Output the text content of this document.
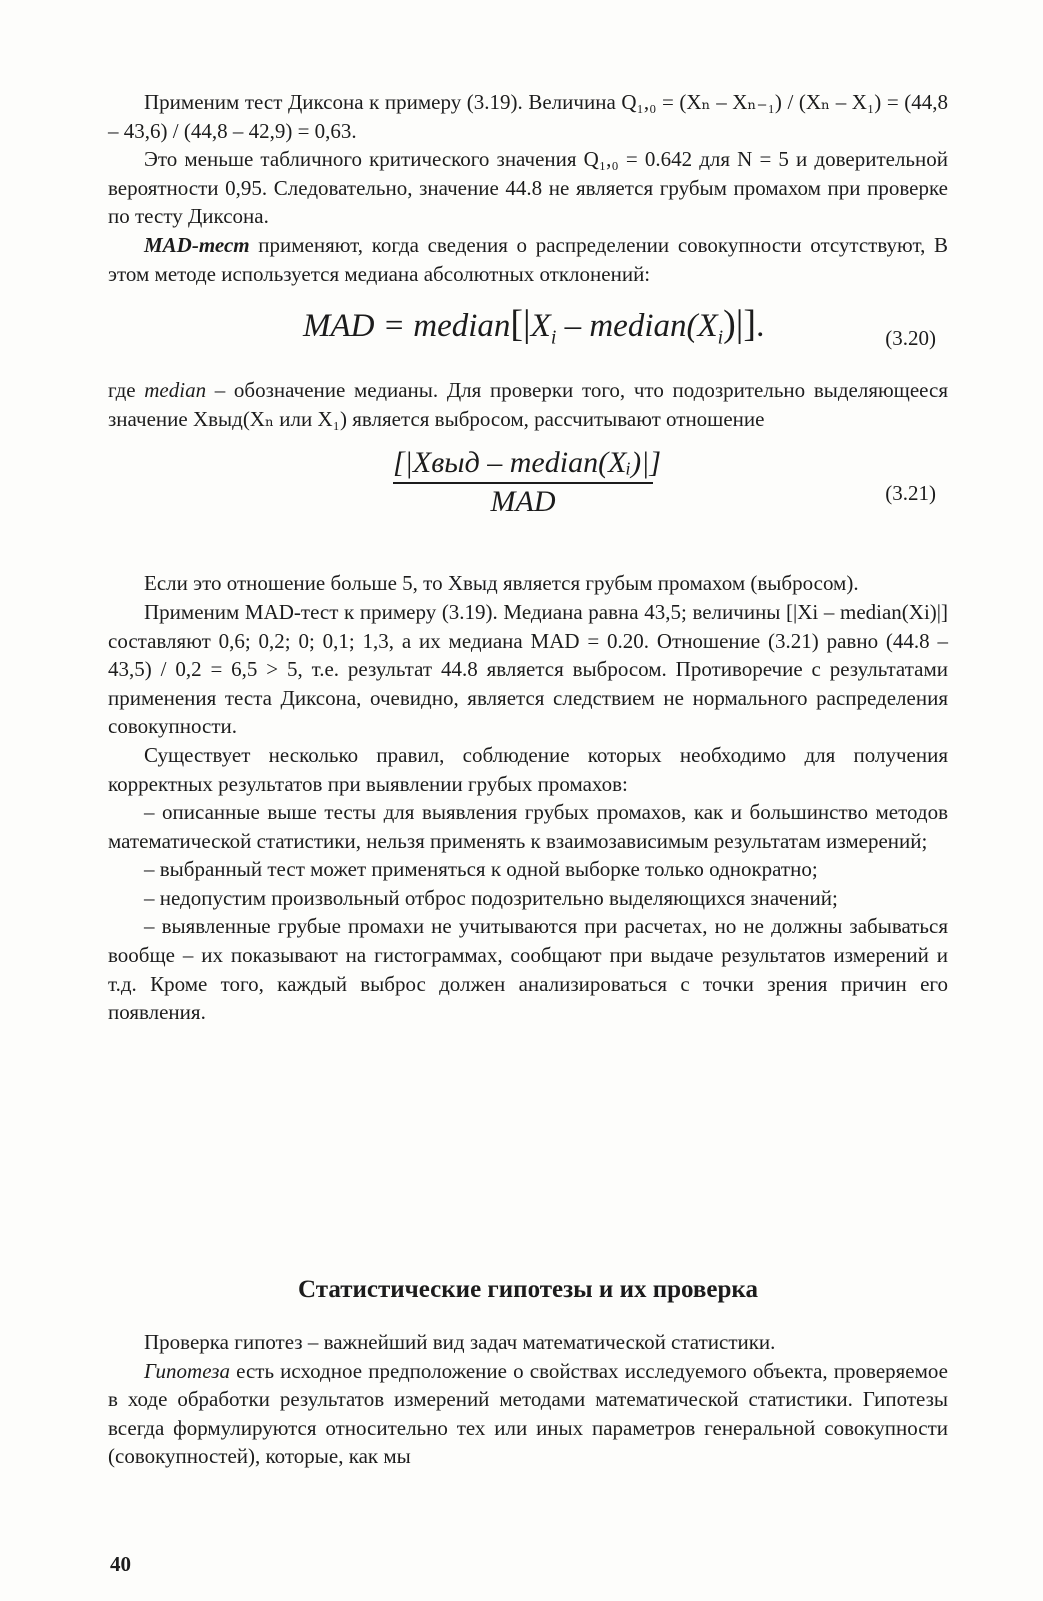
Применим тест Диксона к примеру (3.19). Величина Q₁,₀ = (Xₙ – Xₙ₋₁) / (Xₙ – X₁) = (44,8 – 43,6) / (44,8 – 42,9) = 0,63.

Это меньше табличного критического значения Q₁,₀ = 0.642 для N = 5 и доверительной вероятности 0,95. Следовательно, значение 44.8 не является грубым промахом при проверке по тесту Диксона.

MAD-тест применяют, когда сведения о распределении совокупности отсутствуют, В этом методе используется медиана абсолютных отклонений:

MAD = $median[|X_i$ – $median(X_i)|$].	(3.20)

где median – обозначение медианы. Для проверки того, что подозрительно выделяющееся значение Xвыд(Xₙ или X₁) является выбросом, рассчитывают отношение

[|Xвыд – median(Xᵢ)|]
MAD	(3.21)

Если это отношение больше 5, то Хвыд является грубым промахом (выбросом).

Применим MAD-тест к примеру (3.19). Медиана равна 43,5; величины [|Xi – median(Xi)|] составляют 0,6; 0,2; 0; 0,1; 1,3, а их медиана MAD = 0.20. Отношение (3.21) равно (44.8 – 43,5) / 0,2 = 6,5 > 5, т.е. результат 44.8 является выбросом. Противоречие с результатами применения теста Диксона, очевидно, является следствием не нормального распределения совокупности.

Существует несколько правил, соблюдение которых необходимо для получения корректных результатов при выявлении грубых промахов:

– описанные выше тесты для выявления грубых промахов, как и большинство методов математической статистики, нельзя применять к взаимозависимым результатам измерений;

– выбранный тест может применяться к одной выборке только однократно;

– недопустим произвольный отброс подозрительно выделяющихся значений;

– выявленные грубые промахи не учитываются при расчетах, но не должны забываться вообще – их показывают на гистограммах, сообщают при выдаче результатов измерений и т.д. Кроме того, каждый выброс должен анализироваться с точки зрения причин его появления.

Статистические гипотезы и их проверка

Проверка гипотез – важнейший вид задач математической статистики.

Гипотеза есть исходное предположение о свойствах исследуемого объекта, проверяемое в ходе обработки результатов измерений методами математической статистики. Гипотезы всегда формулируются относительно тех или иных параметров генеральной совокупности (совокупностей), которые, как мы

40
